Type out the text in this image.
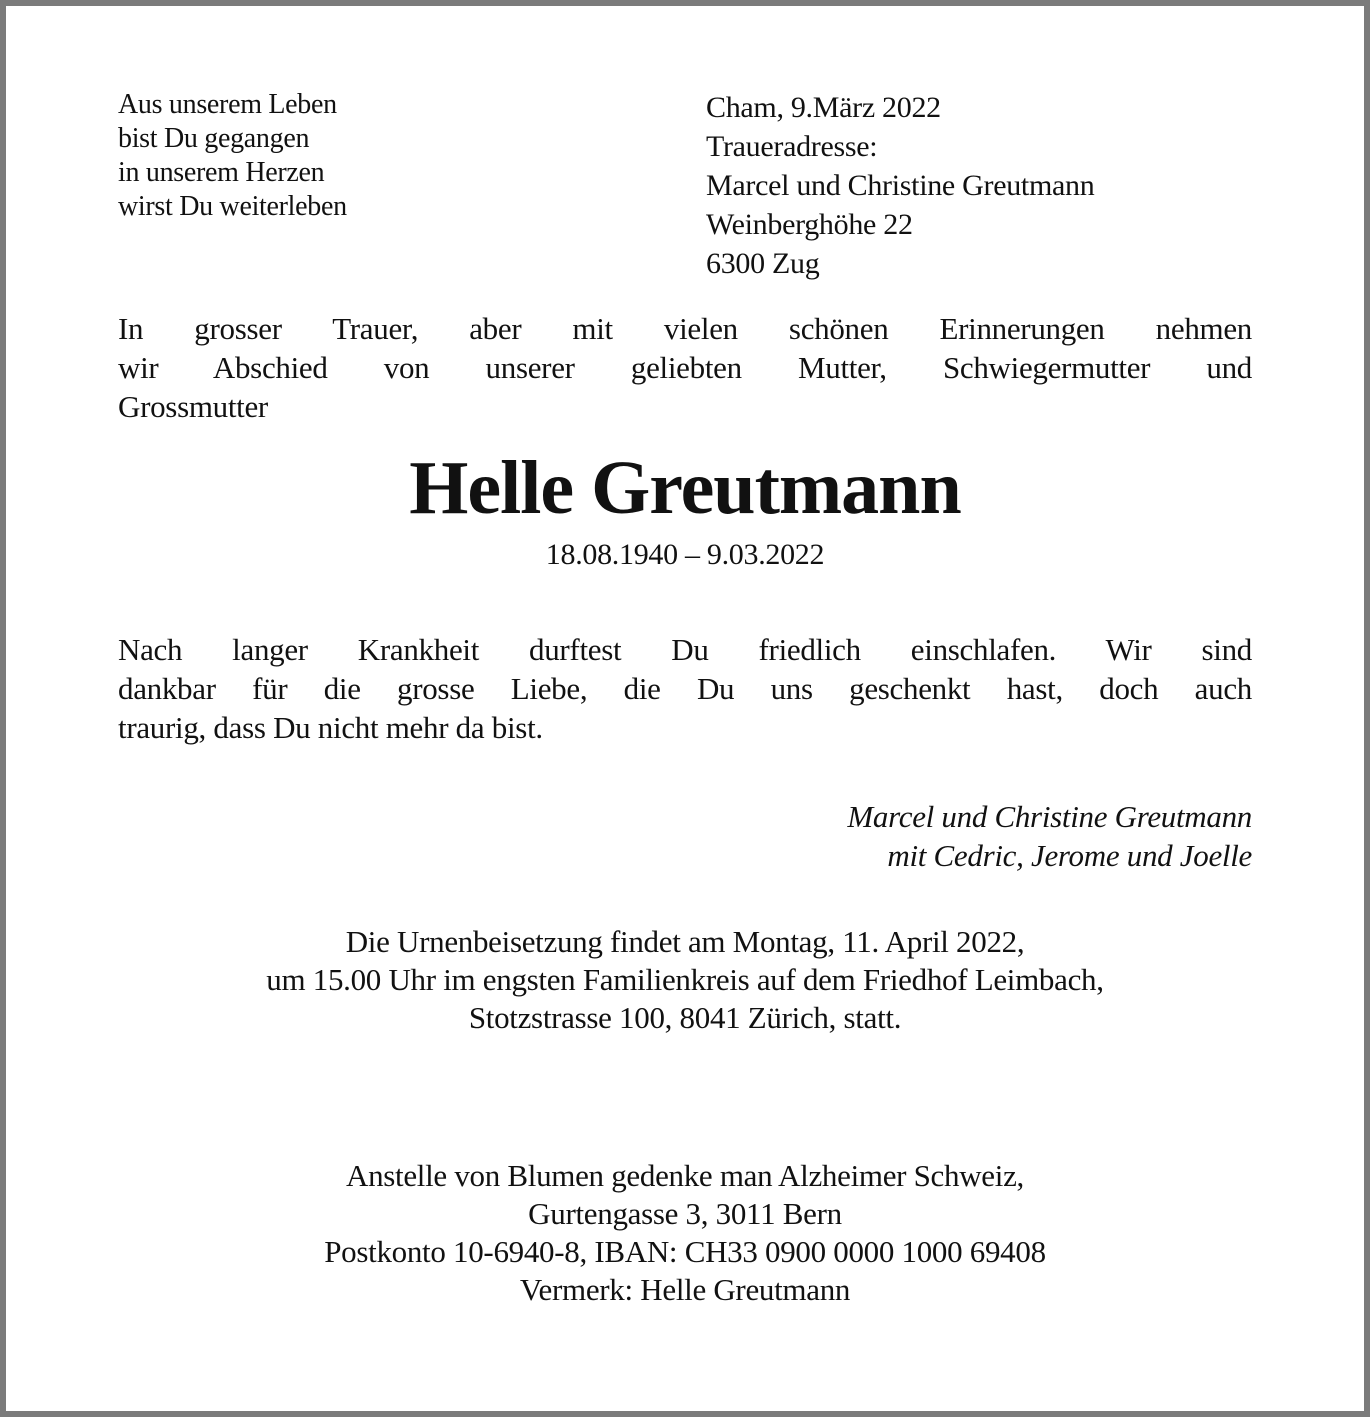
Aus unserem Leben
bist Du gegangen
in unserem Herzen
wirst Du weiterleben
Cham, 9.März 2022
Traueradresse:
Marcel und Christine Greutmann
Weinberghöhe 22
6300 Zug
In grosser Trauer, aber mit vielen schönen Erinnerungen nehmen
wir Abschied von unserer geliebten Mutter, Schwiegermutter und
Grossmutter
Helle Greutmann
18.08.1940 – 9.03.2022
Nach langer Krankheit durftest Du friedlich einschlafen. Wir sind
dankbar für die grosse Liebe, die Du uns geschenkt hast, doch auch
traurig, dass Du nicht mehr da bist.
Marcel und Christine Greutmann
mit Cedric, Jerome und Joelle
Die Urnenbeisetzung findet am Montag, 11. April 2022,
um 15.00 Uhr im engsten Familienkreis auf dem Friedhof Leimbach,
Stotzstrasse 100, 8041 Zürich, statt.
Anstelle von Blumen gedenke man Alzheimer Schweiz,
Gurtengasse 3, 3011 Bern
Postkonto 10-6940-8, IBAN: CH33 0900 0000 1000 69408
Vermerk: Helle Greutmann
